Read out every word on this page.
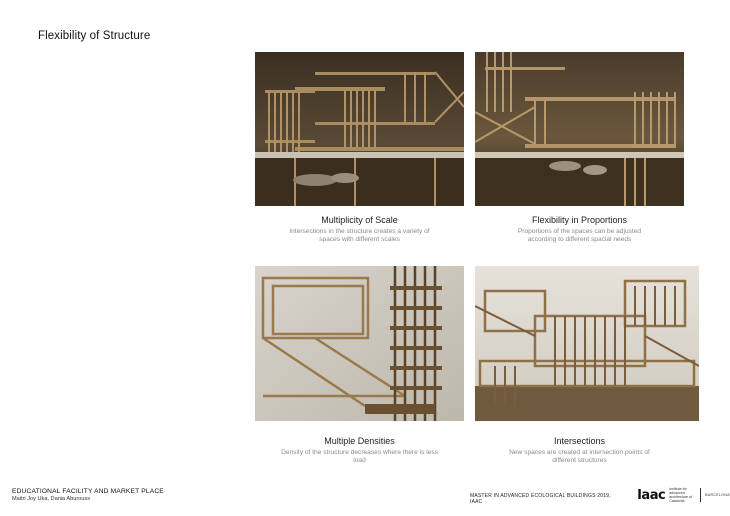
Flexibility of Structure
Multiplicity of Scale
Intersections in the structure creates a variety of
spaces with different scales
Flexibility in Proportions
Proportions of the spaces can be adjusted
according to different spacial needs
Multiple Densities
Density of the structure decreases where there is less
load
Intersections
New spaces are created at intersection points of
different structures
EDUCATIONAL FACILITY AND MARKET PLACE
Maitri Joy Uka, Dania Aburouss	MASTER IN ADVANCED ECOLOGICAL BUILDINGS 2019, IAAC	Iaac institute for advanced architecture of Catalonia
BARCELONA
